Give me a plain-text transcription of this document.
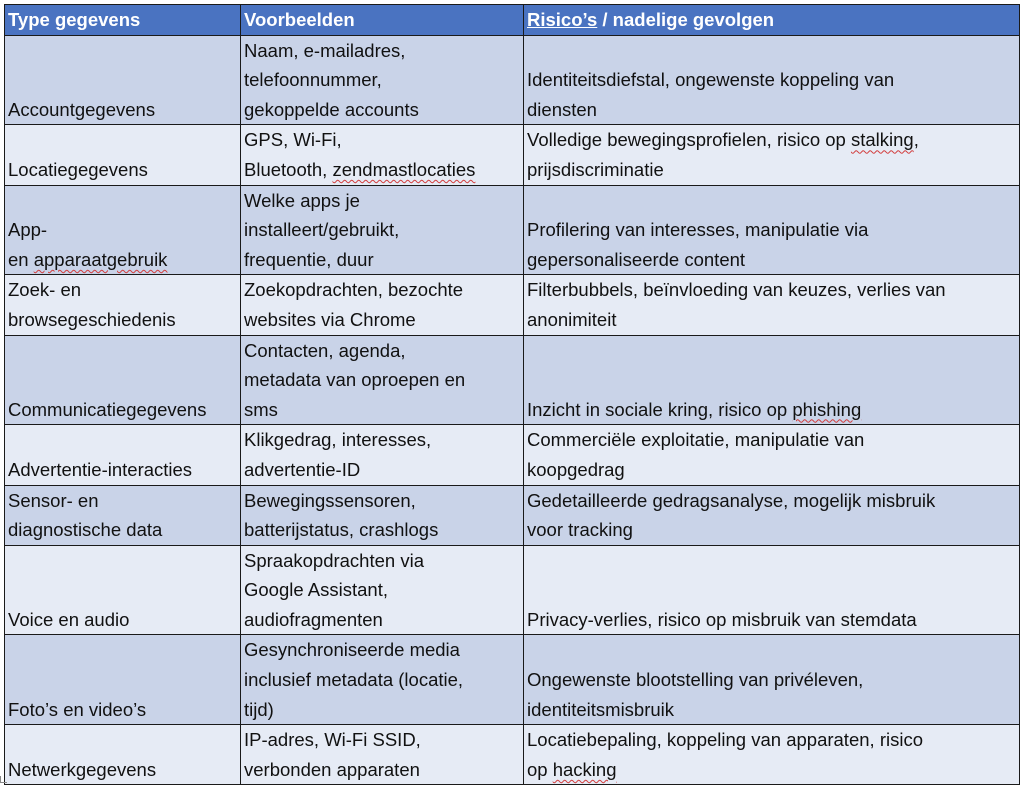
Type gegevens	Voorbeelden	Risico’s / nadelige gevolgen

Accountgegevens	Naam, e-mailadres,
telefoonnummer,
gekoppelde accounts	Identiteitsdiefstal, ongewenste koppeling van
diensten

Locatiegegevens	GPS, Wi-Fi,
Bluetooth, zendmastlocaties	Volledige bewegingsprofielen, risico op stalking,
prijsdiscriminatie

App-
en apparaatgebruik	Welke apps je
installeert/gebruikt,
frequentie, duur	Profilering van interesses, manipulatie via
gepersonaliseerde content

Zoek- en
browsegeschiedenis	Zoekopdrachten, bezochte
websites via Chrome	Filterbubbels, beïnvloeding van keuzes, verlies van
anonimiteit

Communicatiegegevens	Contacten, agenda,
metadata van oproepen en
sms	Inzicht in sociale kring, risico op phishing

Advertentie-interacties	Klikgedrag, interesses,
advertentie-ID	Commerciële exploitatie, manipulatie van
koopgedrag

Sensor- en
diagnostische data	Bewegingssensoren,
batterijstatus, crashlogs	Gedetailleerde gedragsanalyse, mogelijk misbruik
voor tracking

Voice en audio	Spraakopdrachten via
Google Assistant,
audiofragmenten	Privacy-verlies, risico op misbruik van stemdata

Foto’s en video’s	Gesynchroniseerde media
inclusief metadata (locatie,
tijd)	Ongewenste blootstelling van privéleven,
identiteitsmisbruik

Netwerkgegevens	IP-adres, Wi-Fi SSID,
verbonden apparaten	Locatiebepaling, koppeling van apparaten, risico
op hacking
